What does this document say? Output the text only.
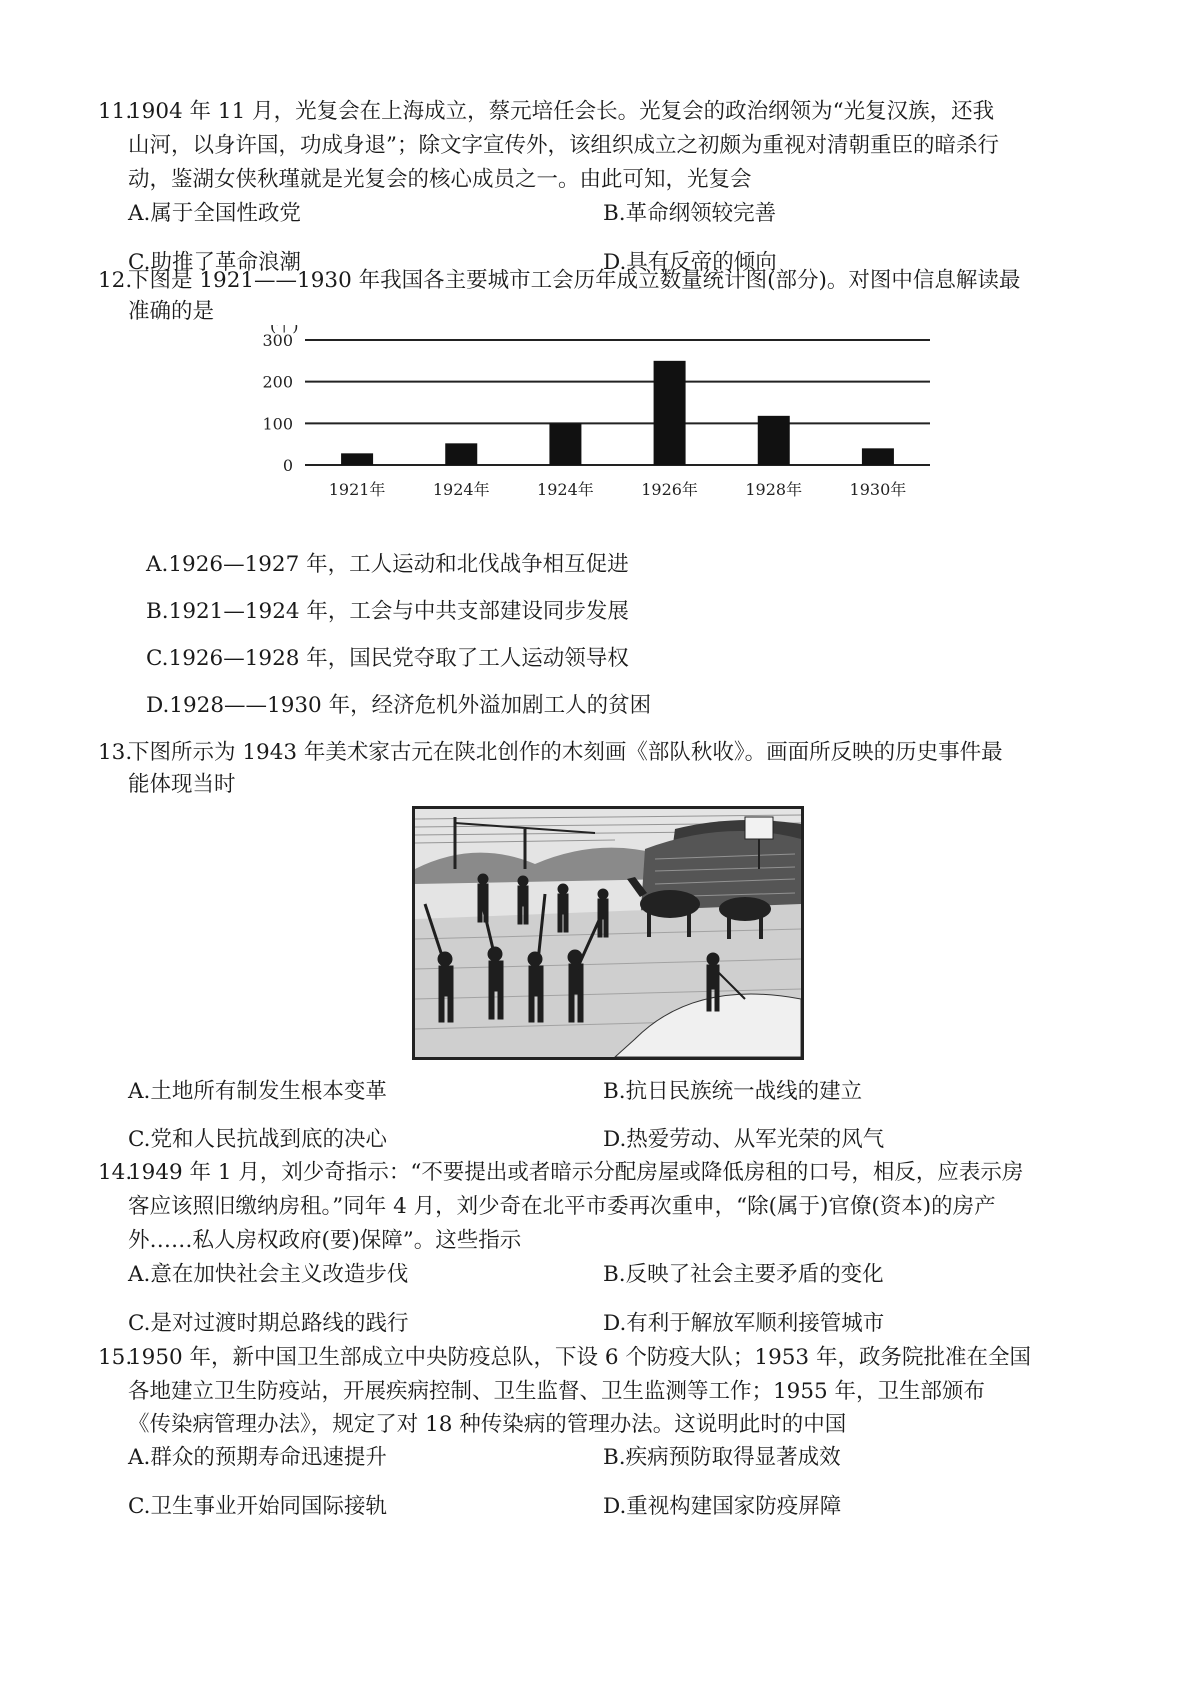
11.
1904 年 11 月，光复会在上海成立，蔡元培任会长。光复会的政治纲领为“光复汉族，还我
山河，以身许国，功成身退”；除文字宣传外，该组织成立之初颇为重视对清朝重臣的暗杀行
动，鉴湖女侠秋瑾就是光复会的核心成员之一。由此可知，光复会
A.属于全国性政党	B.革命纲领较完善
C.助推了革命浪潮	D.具有反帝的倾向
12.
下图是 1921——1930 年我国各主要城市工会历年成立数量统计图(部分)。对图中信息解读最
准确的是
(个)
0
100
200
300
1921年	1924年	1924年	1926年	1928年	1930年
A.1926—1927 年，工人运动和北伐战争相互促进
B.1921—1924 年，工会与中共支部建设同步发展
C.1926—1928 年，国民党夺取了工人运动领导权
D.1928——1930 年，经济危机外溢加剧工人的贫困
13.
下图所示为 1943 年美术家古元在陕北创作的木刻画《部队秋收》。画面所反映的历史事件最
能体现当时
A.土地所有制发生根本变革	B.抗日民族统一战线的建立
C.党和人民抗战到底的决心	D.热爱劳动、从军光荣的风气
14.
1949 年 1 月，刘少奇指示：“不要提出或者暗示分配房屋或降低房租的口号，相反，应表示房
客应该照旧缴纳房租。”同年 4 月，刘少奇在北平市委再次重申，“除(属于)官僚(资本)的房产
外……私人房权政府(要)保障”。这些指示
A.意在加快社会主义改造步伐	B.反映了社会主要矛盾的变化
C.是对过渡时期总路线的践行	D.有利于解放军顺利接管城市
15.
1950 年，新中国卫生部成立中央防疫总队，下设 6 个防疫大队；1953 年，政务院批准在全国
各地建立卫生防疫站，开展疾病控制、卫生监督、卫生监测等工作；1955 年，卫生部颁布
《传染病管理办法》，规定了对 18 种传染病的管理办法。这说明此时的中国
A.群众的预期寿命迅速提升	B.疾病预防取得显著成效
C.卫生事业开始同国际接轨	D.重视构建国家防疫屏障
